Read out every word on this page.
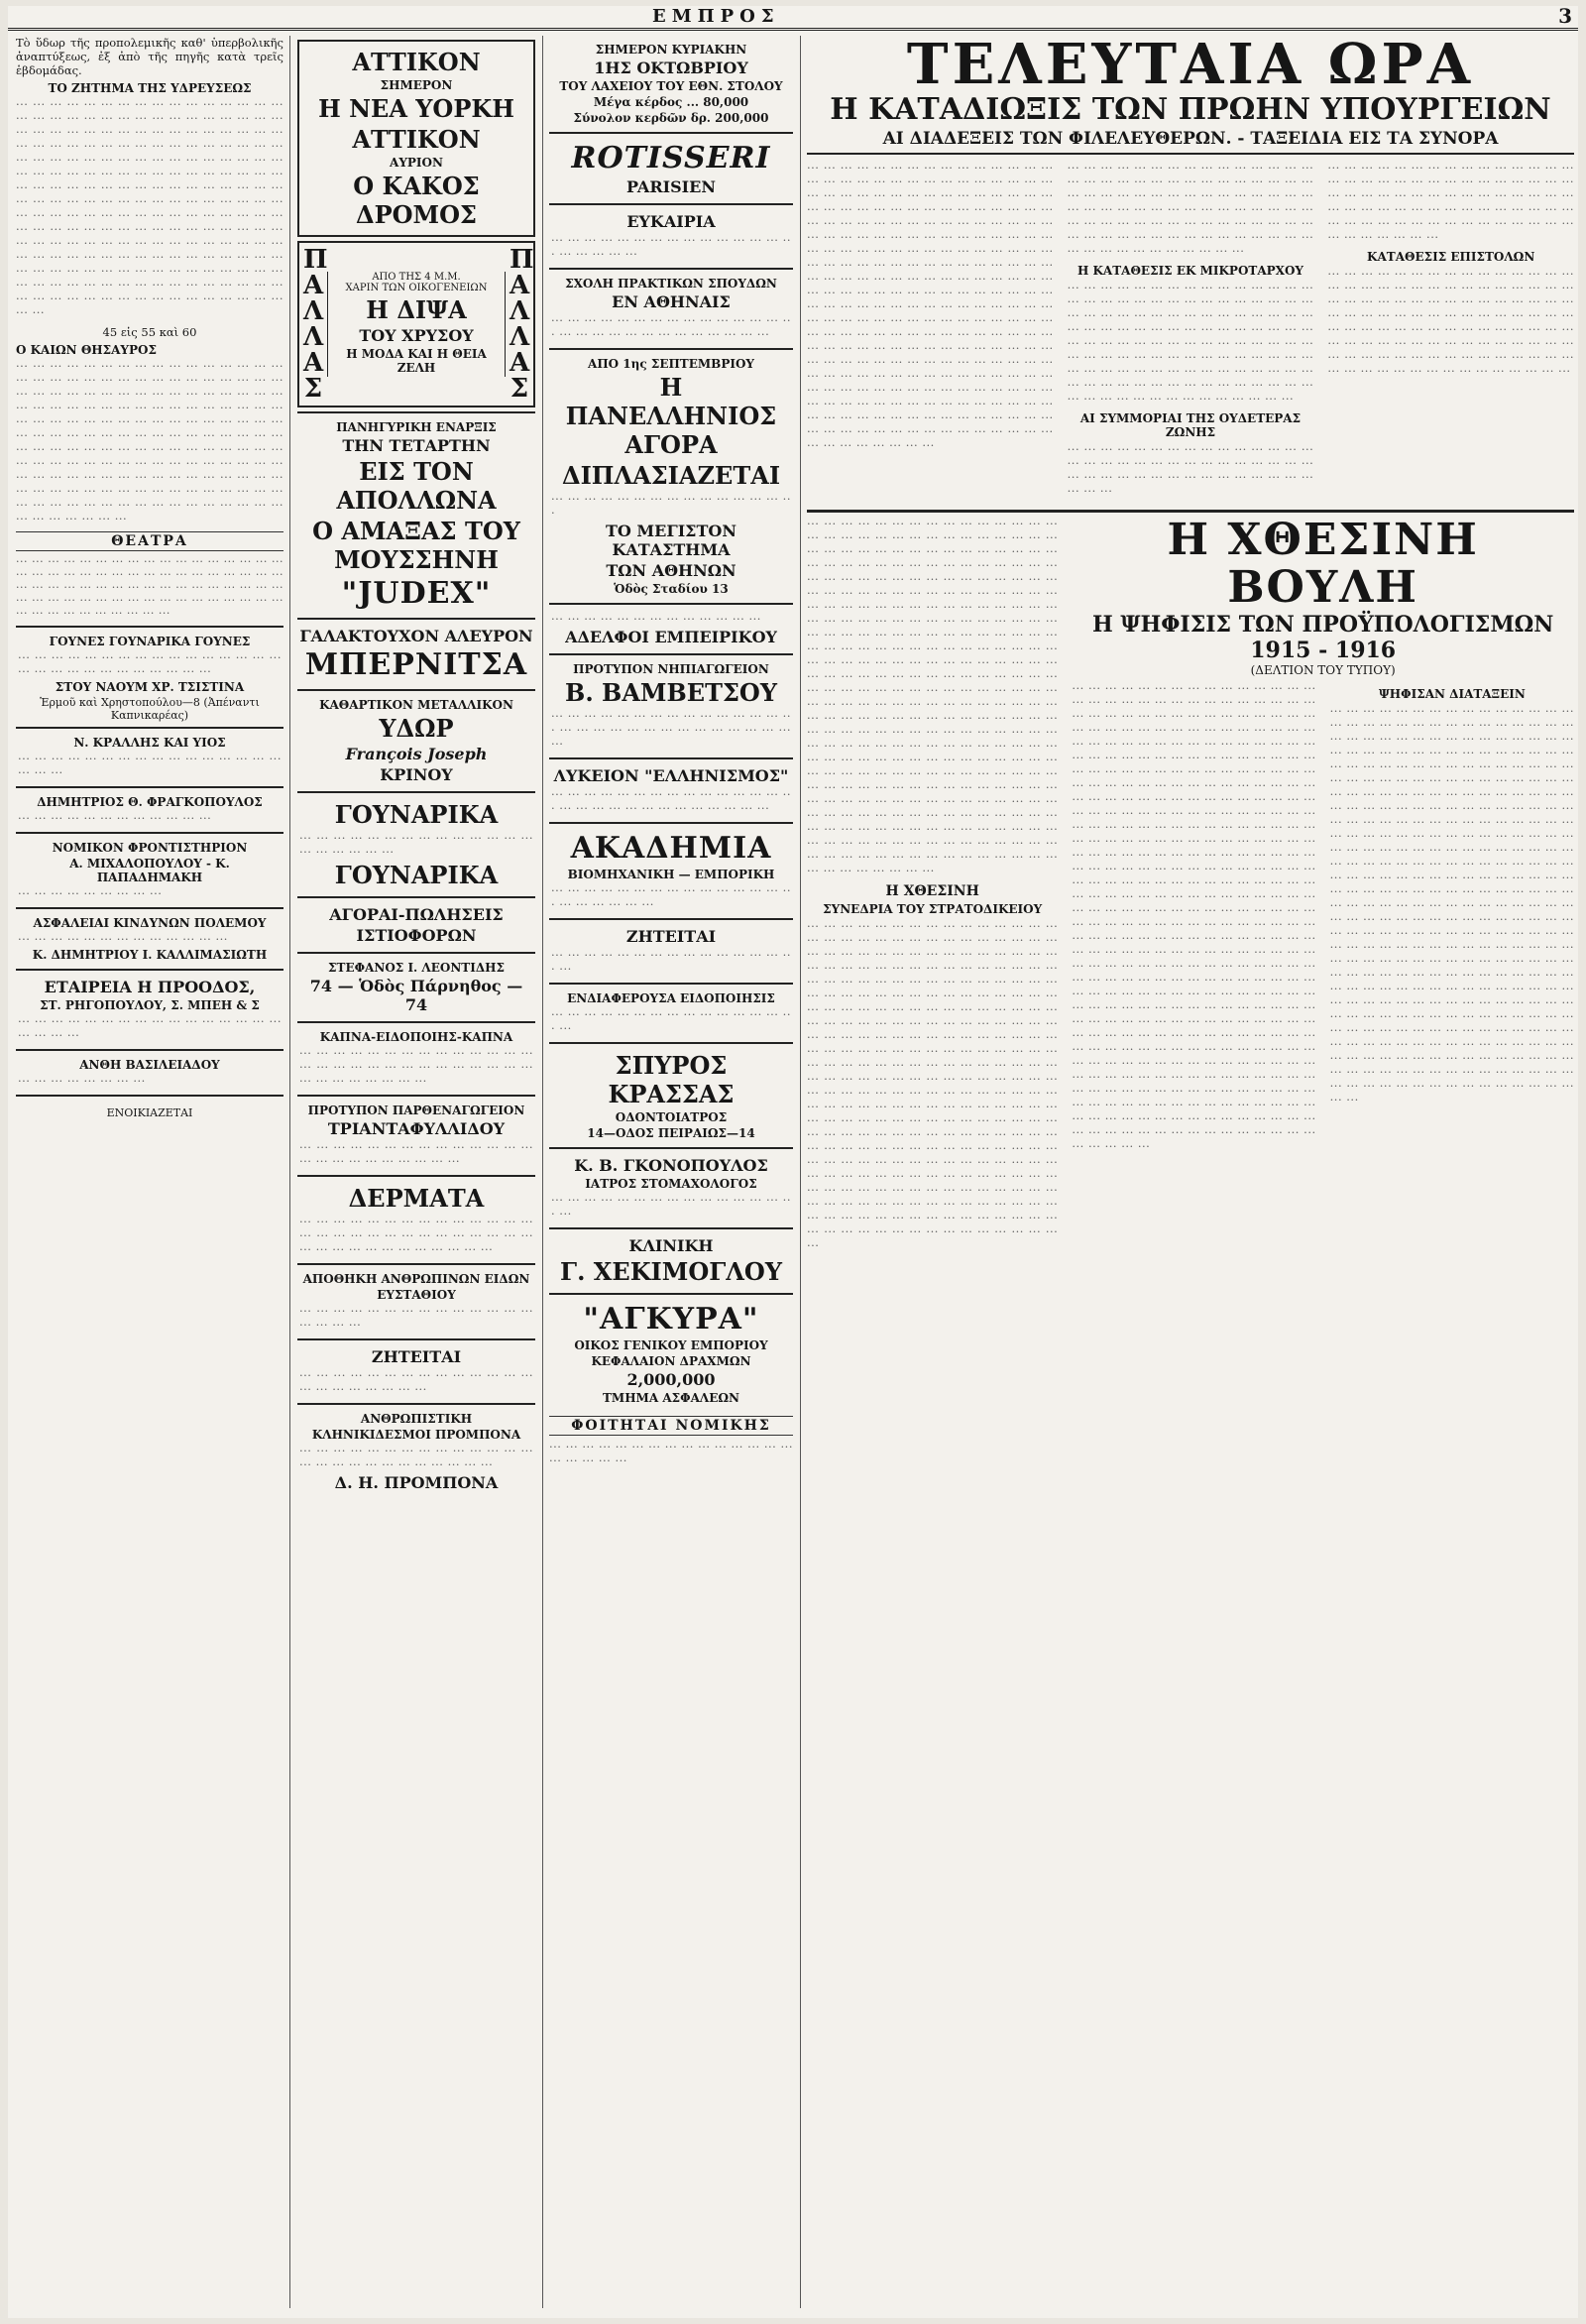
ΕΜΠΡΟΣ	3

Τὸ ὕδωρ τῆς προπολεμικῆς καθ' ὑπερβολικῆς ἀναπτύξεως, ἐξ ἀπὸ τῆς πηγῆς κατὰ τρεῖς ἑβδομάδας.

ΤΟ ΖΗΤΗΜΑ ΤΗΣ ΥΔΡΕΥΣΕΩΣ

··· ··· ··· ··· ··· ··· ··· ··· ··· ··· ··· ··· ··· ··· ··· ··· ··· ··· ··· ··· ··· ··· ··· ··· ··· ··· ··· ··· ··· ··· ··· ··· ··· ··· ··· ··· ··· ··· ··· ··· ··· ··· ··· ··· ··· ··· ··· ··· ··· ··· ··· ··· ··· ··· ··· ··· ··· ··· ··· ··· ··· ··· ··· ··· ··· ··· ··· ··· ··· ··· ··· ··· ··· ··· ··· ··· ··· ··· ··· ··· ··· ··· ··· ··· ··· ··· ··· ··· ··· ··· ··· ··· ··· ··· ··· ··· ··· ··· ··· ··· ··· ··· ··· ··· ··· ··· ··· ··· ··· ··· ··· ··· ··· ··· ··· ··· ··· ··· ··· ··· ··· ··· ··· ··· ··· ··· ··· ··· ··· ··· ··· ··· ··· ··· ··· ··· ··· ··· ··· ··· ··· ··· ··· ··· ··· ··· ··· ··· ··· ··· ··· ··· ··· ··· ··· ··· ··· ··· ··· ··· ··· ··· ··· ··· ··· ··· ··· ··· ··· ··· ··· ··· ··· ··· ··· ··· ··· ··· ··· ··· ··· ··· ··· ··· ··· ··· ··· ··· ··· ··· ··· ··· ··· ··· ··· ··· ··· ··· ··· ··· ··· ··· ··· ··· ··· ··· ··· ··· ··· ··· ··· ··· ··· ··· ··· ··· ··· ··· ··· ··· ··· ··· ··· ··· ··· ··· ··· ··· ··· ··· ··· ··· ··· ··· ··· ··· ··· ··· ··· ··· ··· ···

45 εἰς 55 καὶ 60
Ο ΚΑΙΩΝ ΘΗΣΑΥΡΟΣ

··· ··· ··· ··· ··· ··· ··· ··· ··· ··· ··· ··· ··· ··· ··· ··· ··· ··· ··· ··· ··· ··· ··· ··· ··· ··· ··· ··· ··· ··· ··· ··· ··· ··· ··· ··· ··· ··· ··· ··· ··· ··· ··· ··· ··· ··· ··· ··· ··· ··· ··· ··· ··· ··· ··· ··· ··· ··· ··· ··· ··· ··· ··· ··· ··· ··· ··· ··· ··· ··· ··· ··· ··· ··· ··· ··· ··· ··· ··· ··· ··· ··· ··· ··· ··· ··· ··· ··· ··· ··· ··· ··· ··· ··· ··· ··· ··· ··· ··· ··· ··· ··· ··· ··· ··· ··· ··· ··· ··· ··· ··· ··· ··· ··· ··· ··· ··· ··· ··· ··· ··· ··· ··· ··· ··· ··· ··· ··· ··· ··· ··· ··· ··· ··· ··· ··· ··· ··· ··· ··· ··· ··· ··· ··· ··· ··· ··· ··· ··· ··· ··· ··· ··· ··· ··· ··· ··· ··· ··· ··· ··· ··· ··· ··· ··· ··· ··· ··· ··· ··· ··· ··· ··· ··· ··· ··· ··· ··· ··· ··· ··· ··· ···

ΘΕΑΤΡΑ

··· ··· ··· ··· ··· ··· ··· ··· ··· ··· ··· ··· ··· ··· ··· ··· ··· ··· ··· ··· ··· ··· ··· ··· ··· ··· ··· ··· ··· ··· ··· ··· ··· ··· ··· ··· ··· ··· ··· ··· ··· ··· ··· ··· ··· ··· ··· ··· ··· ··· ··· ··· ··· ··· ··· ··· ··· ··· ··· ··· ··· ··· ··· ··· ··· ··· ··· ··· ··· ··· ··· ··· ··· ··· ··· ··· ··· ···

ΓΟΥΝΕΣ ΓΟΥΝΑΡΙΚΑ ΓΟΥΝΕΣ

··· ··· ··· ··· ··· ··· ··· ··· ··· ··· ··· ··· ··· ··· ··· ··· ··· ··· ··· ··· ··· ··· ··· ··· ··· ··· ··· ···

ΣΤΟΥ ΝΑΟΥΜ ΧΡ. ΤΣΙΣΤΙΝΑ
Ἑρμοῦ καὶ Χρηστοπούλου—8 (Ἀπέναντι Καπνικαρέας)
Ν. ΚΡΑΛΛΗΣ ΚΑΙ ΥΙΟΣ

··· ··· ··· ··· ··· ··· ··· ··· ··· ··· ··· ··· ··· ··· ··· ··· ··· ··· ···

ΔΗΜΗΤΡΙΟΣ Θ. ΦΡΑΓΚΟΠΟΥΛΟΣ

··· ··· ··· ··· ··· ··· ··· ··· ··· ··· ··· ···

ΝΟΜΙΚΟΝ ΦΡΟΝΤΙΣΤΗΡΙΟΝ
Α. ΜΙΧΑΛΟΠΟΥΛΟΥ - Κ. ΠΑΠΑΔΗΜΑΚΗ

··· ··· ··· ··· ··· ··· ··· ··· ···

ΑΣΦΑΛΕΙΑΙ ΚΙΝΔΥΝΩΝ ΠΟΛΕΜΟΥ

··· ··· ··· ··· ··· ··· ··· ··· ··· ··· ··· ··· ···

Κ. ΔΗΜΗΤΡΙΟΥ Ι. ΚΑΛΛΙΜΑΣΙΩΤΗ
ΕΤΑΙΡΕΙΑ Η ΠΡΟΟΔΟΣ,
ΣΤ. ΡΗΓΟΠΟΥΛΟΥ, Σ. ΜΠΕΗ & Σ

··· ··· ··· ··· ··· ··· ··· ··· ··· ··· ··· ··· ··· ··· ··· ··· ··· ··· ··· ···

ΑΝΘΗ ΒΑΣΙΛΕΙΑΔΟΥ

··· ··· ··· ··· ··· ··· ··· ···

ΕΝΟΙΚΙΑΖΕΤΑΙ
ΑΤΤΙΚΟΝ
ΣΗΜΕΡΟΝ
Η ΝΕΑ ΥΟΡΚΗ
ΑΤΤΙΚΟΝ
ΑΥΡΙΟΝ
Ο ΚΑΚΟΣ ΔΡΟΜΟΣ
Π Α Λ Λ Α Σ
ΑΠΟ ΤΗΣ 4 Μ.Μ.
ΧΑΡΙΝ ΤΩΝ ΟΙΚΟΓΕΝΕΙΩΝ
Η ΔΙΨΑ
ΤΟΥ ΧΡΥΣΟΥ
Η ΜΟΔΑ ΚΑΙ Η ΘΕΙΑ ΖΕΛΗ
Π Α Λ Λ Α Σ
ΠΑΝΗΓΥΡΙΚΗ ΕΝΑΡΞΙΣ
ΤΗΝ ΤΕΤΑΡΤΗΝ
ΕΙΣ ΤΟΝ ΑΠΟΛΛΩΝΑ
Ο ΑΜΑΞΑΣ ΤΟΥ ΜΟΥΣΣΗΝΗ
"JUDEX"
ΓΑΛΑΚΤΟΥΧΟΝ ΑΛΕΥΡΟΝ
ΜΠΕΡΝΙΤΣΑ
ΚΑΘΑΡΤΙΚΟΝ ΜΕΤΑΛΛΙΚΟΝ
ΥΔΩΡ
François Joseph
ΚΡΙΝΟΥ
ΓΟΥΝΑΡΙΚΑ

··· ··· ··· ··· ··· ··· ··· ··· ··· ··· ··· ··· ··· ··· ··· ··· ··· ··· ··· ···

ΓΟΥΝΑΡΙΚΑ
ΑΓΟΡΑΙ-ΠΩΛΗΣΕΙΣ
ΙΣΤΙΟΦΟΡΩΝ
ΣΤΕΦΑΝΟΣ Ι. ΛΕΟΝΤΙΔΗΣ
74 — Ὁδὸς Πάρνηθος — 74
ΚΑΠΝΑ-ΕΙΔΟΠΟΙΗΣ-ΚΑΠΝΑ

··· ··· ··· ··· ··· ··· ··· ··· ··· ··· ··· ··· ··· ··· ··· ··· ··· ··· ··· ··· ··· ··· ··· ··· ··· ··· ··· ··· ··· ··· ··· ··· ··· ··· ··· ···

ΠΡΟΤΥΠΟΝ ΠΑΡΘΕΝΑΓΩΓΕΙΟΝ
ΤΡΙΑΝΤΑΦΥΛΛΙΔΟΥ

··· ··· ··· ··· ··· ··· ··· ··· ··· ··· ··· ··· ··· ··· ··· ··· ··· ··· ··· ··· ··· ··· ··· ···

ΔΕΡΜΑΤΑ

··· ··· ··· ··· ··· ··· ··· ··· ··· ··· ··· ··· ··· ··· ··· ··· ··· ··· ··· ··· ··· ··· ··· ··· ··· ··· ··· ··· ··· ··· ··· ··· ··· ··· ··· ··· ··· ··· ··· ···

ΑΠΟΘΗΚΗ ΑΝΘΡΩΠΙΝΩΝ ΕΙΔΩΝ
ΕΥΣΤΑΘΙΟΥ

··· ··· ··· ··· ··· ··· ··· ··· ··· ··· ··· ··· ··· ··· ··· ··· ··· ···

ΖΗΤΕΙΤΑΙ

··· ··· ··· ··· ··· ··· ··· ··· ··· ··· ··· ··· ··· ··· ··· ··· ··· ··· ··· ··· ··· ···

ΑΝΘΡΩΠΙΣΤΙΚΗ
ΚΛΗΝΙΚΙΔΕΣΜΟΙ ΠΡΟΜΠΟΝΑ

··· ··· ··· ··· ··· ··· ··· ··· ··· ··· ··· ··· ··· ··· ··· ··· ··· ··· ··· ··· ··· ··· ··· ··· ··· ···

Δ. Η. ΠΡΟΜΠΟΝΑ
ΣΗΜΕΡΟΝ ΚΥΡΙΑΚΗΝ
1ΗΣ ΟΚΤΩΒΡΙΟΥ
ΤΟΥ ΛΑΧΕΙΟΥ ΤΟΥ ΕΘΝ. ΣΤΟΛΟΥ
Μέγα κέρδος ... 80,000
Σύνολον κερδῶν δρ. 200,000
ROTISSERI
PARISIEN
ΕΥΚΑΙΡΙΑ

··· ··· ··· ··· ··· ··· ··· ··· ··· ··· ··· ··· ··· ··· ··· ··· ··· ··· ··· ···

ΣΧΟΛΗ ΠΡΑΚΤΙΚΩΝ ΣΠΟΥΔΩΝ
ΕΝ ΑΘΗΝΑΙΣ

··· ··· ··· ··· ··· ··· ··· ··· ··· ··· ··· ··· ··· ··· ··· ··· ··· ··· ··· ··· ··· ··· ··· ··· ··· ··· ··· ···

ΑΠΟ 1ης ΣΕΠΤΕΜΒΡΙΟΥ
Η ΠΑΝΕΛΛΗΝΙΟΣ ΑΓΟΡΑ
ΔΙΠΛΑΣΙΑΖΕΤΑΙ

··· ··· ··· ··· ··· ··· ··· ··· ··· ··· ··· ··· ··· ··· ···

ΤΟ ΜΕΓΙΣΤΟΝ ΚΑΤΑΣΤΗΜΑ
ΤΩΝ ΑΘΗΝΩΝ
Ὁδὸς Σταδίου 13

··· ··· ··· ··· ··· ··· ··· ··· ··· ··· ··· ··· ···

ΑΔΕΛΦΟΙ ΕΜΠΕΙΡΙΚΟΥ
ΠΡΟΤΥΠΟΝ ΝΗΠΙΑΓΩΓΕΙΟΝ
Β. ΒΑΜΒΕΤΣΟΥ

··· ··· ··· ··· ··· ··· ··· ··· ··· ··· ··· ··· ··· ··· ··· ··· ··· ··· ··· ··· ··· ··· ··· ··· ··· ··· ··· ··· ··· ···

ΛΥΚΕΙΟΝ "ΕΛΛΗΝΙΣΜΟΣ"

··· ··· ··· ··· ··· ··· ··· ··· ··· ··· ··· ··· ··· ··· ··· ··· ··· ··· ··· ··· ··· ··· ··· ··· ··· ··· ··· ···

ΑΚΑΔΗΜΙΑ
ΒΙΟΜΗΧΑΝΙΚΗ — ΕΜΠΟΡΙΚΗ

··· ··· ··· ··· ··· ··· ··· ··· ··· ··· ··· ··· ··· ··· ··· ··· ··· ··· ··· ··· ···

ΖΗΤΕΙΤΑΙ

··· ··· ··· ··· ··· ··· ··· ··· ··· ··· ··· ··· ··· ··· ··· ···

ΕΝΔΙΑΦΕΡΟΥΣΑ ΕΙΔΟΠΟΙΗΣΙΣ

··· ··· ··· ··· ··· ··· ··· ··· ··· ··· ··· ··· ··· ··· ··· ···

ΣΠΥΡΟΣ ΚΡΑΣΣΑΣ
ΟΔΟΝΤΟΙΑΤΡΟΣ
14—ΟΔΟΣ ΠΕΙΡΑΙΩΣ—14
Κ. Β. ΓΚΟΝΟΠΟΥΛΟΣ
ΙΑΤΡΟΣ ΣΤΟΜΑΧΟΛΟΓΟΣ

··· ··· ··· ··· ··· ··· ··· ··· ··· ··· ··· ··· ··· ··· ··· ···

ΚΛΙΝΙΚΗ
Γ. ΧΕΚΙΜΟΓΛΟΥ
"ΑΓΚΥΡΑ"
ΟΙΚΟΣ ΓΕΝΙΚΟΥ ΕΜΠΟΡΙΟΥ
ΚΕΦΑΛΑΙΟΝ ΔΡΑΧΜΩΝ
2,000,000
ΤΜΗΜΑ ΑΣΦΑΛΕΩΝ
ΦΟΙΤΗΤΑΙ ΝΟΜΙΚΗΣ

··· ··· ··· ··· ··· ··· ··· ··· ··· ··· ··· ··· ··· ··· ··· ··· ··· ··· ··· ···

ΤΕΛΕΥΤΑΙΑ ΩΡΑ
Η ΚΑΤΑΔΙΩΞΙΣ ΤΩΝ ΠΡΩΗΝ ΥΠΟΥΡΓΕΙΩΝ
ΑΙ ΔΙΑΔΕΞΕΙΣ ΤΩΝ ΦΙΛΕΛΕΥΘΕΡΩΝ. - ΤΑΞΕΙΔΙΑ ΕΙΣ ΤΑ ΣΥΝΟΡΑ

··· ··· ··· ··· ··· ··· ··· ··· ··· ··· ··· ··· ··· ··· ··· ··· ··· ··· ··· ··· ··· ··· ··· ··· ··· ··· ··· ··· ··· ··· ··· ··· ··· ··· ··· ··· ··· ··· ··· ··· ··· ··· ··· ··· ··· ··· ··· ··· ··· ··· ··· ··· ··· ··· ··· ··· ··· ··· ··· ··· ··· ··· ··· ··· ··· ··· ··· ··· ··· ··· ··· ··· ··· ··· ··· ··· ··· ··· ··· ··· ··· ··· ··· ··· ··· ··· ··· ··· ··· ··· ··· ··· ··· ··· ··· ··· ··· ··· ··· ··· ··· ··· ··· ··· ··· ··· ··· ··· ··· ··· ··· ··· ··· ··· ··· ··· ··· ··· ··· ··· ··· ··· ··· ··· ··· ··· ··· ··· ··· ··· ··· ··· ··· ··· ··· ··· ··· ··· ··· ··· ··· ··· ··· ··· ··· ··· ··· ··· ··· ··· ··· ··· ··· ··· ··· ··· ··· ··· ··· ··· ··· ··· ··· ··· ··· ··· ··· ··· ··· ··· ··· ··· ··· ··· ··· ··· ··· ··· ··· ··· ··· ··· ··· ··· ··· ··· ··· ··· ··· ··· ··· ··· ··· ··· ··· ··· ··· ··· ··· ··· ··· ··· ··· ··· ··· ··· ··· ··· ··· ··· ··· ··· ··· ··· ··· ··· ··· ··· ··· ··· ··· ··· ··· ··· ··· ··· ··· ··· ··· ··· ··· ··· ··· ··· ··· ··· ··· ··· ··· ··· ··· ··· ··· ··· ··· ··· ··· ··· ··· ··· ··· ··· ··· ··· ··· ··· ··· ··· ··· ··· ··· ··· ··· ··· ··· ··· ··· ··· ··· ··· ··· ··· ··· ··· ··· ··· ··· ··· ··· ··· ··· ··· ··· ··· ··· ··· ··· ··· ··· ··· ··· ··· ··· ··· ··· ··· ··· ··· ··· ··· ··· ··· ··· ··· ··· ··· ··· ···

··· ··· ··· ··· ··· ··· ··· ··· ··· ··· ··· ··· ··· ··· ··· ··· ··· ··· ··· ··· ··· ··· ··· ··· ··· ··· ··· ··· ··· ··· ··· ··· ··· ··· ··· ··· ··· ··· ··· ··· ··· ··· ··· ··· ··· ··· ··· ··· ··· ··· ··· ··· ··· ··· ··· ··· ··· ··· ··· ··· ··· ··· ··· ··· ··· ··· ··· ··· ··· ··· ··· ··· ··· ··· ··· ··· ··· ··· ··· ··· ··· ··· ··· ··· ··· ··· ··· ··· ··· ··· ··· ··· ··· ··· ··· ··· ··· ··· ··· ··· ···

Η ΚΑΤΑΘΕΣΙΣ ΕΚ ΜΙΚΡΟΤΑΡΧΟΥ

··· ··· ··· ··· ··· ··· ··· ··· ··· ··· ··· ··· ··· ··· ··· ··· ··· ··· ··· ··· ··· ··· ··· ··· ··· ··· ··· ··· ··· ··· ··· ··· ··· ··· ··· ··· ··· ··· ··· ··· ··· ··· ··· ··· ··· ··· ··· ··· ··· ··· ··· ··· ··· ··· ··· ··· ··· ··· ··· ··· ··· ··· ··· ··· ··· ··· ··· ··· ··· ··· ··· ··· ··· ··· ··· ··· ··· ··· ··· ··· ··· ··· ··· ··· ··· ··· ··· ··· ··· ··· ··· ··· ··· ··· ··· ··· ··· ··· ··· ··· ··· ··· ··· ··· ··· ··· ··· ··· ··· ··· ··· ··· ··· ··· ··· ··· ··· ··· ··· ··· ··· ··· ··· ··· ··· ··· ··· ··· ··· ··· ··· ··· ··· ···

ΑΙ ΣΥΜΜΟΡΙΑΙ ΤΗΣ ΟΥΔΕΤΕΡΑΣ ΖΩΝΗΣ

··· ··· ··· ··· ··· ··· ··· ··· ··· ··· ··· ··· ··· ··· ··· ··· ··· ··· ··· ··· ··· ··· ··· ··· ··· ··· ··· ··· ··· ··· ··· ··· ··· ··· ··· ··· ··· ··· ··· ··· ··· ··· ··· ··· ··· ··· ··· ···

··· ··· ··· ··· ··· ··· ··· ··· ··· ··· ··· ··· ··· ··· ··· ··· ··· ··· ··· ··· ··· ··· ··· ··· ··· ··· ··· ··· ··· ··· ··· ··· ··· ··· ··· ··· ··· ··· ··· ··· ··· ··· ··· ··· ··· ··· ··· ··· ··· ··· ··· ··· ··· ··· ··· ··· ··· ··· ··· ··· ··· ··· ··· ··· ··· ··· ··· ··· ··· ··· ··· ··· ··· ··· ··· ··· ··· ··· ··· ··· ··· ···

ΚΑΤΑΘΕΣΙΣ ΕΠΙΣΤΟΛΩΝ

··· ··· ··· ··· ··· ··· ··· ··· ··· ··· ··· ··· ··· ··· ··· ··· ··· ··· ··· ··· ··· ··· ··· ··· ··· ··· ··· ··· ··· ··· ··· ··· ··· ··· ··· ··· ··· ··· ··· ··· ··· ··· ··· ··· ··· ··· ··· ··· ··· ··· ··· ··· ··· ··· ··· ··· ··· ··· ··· ··· ··· ··· ··· ··· ··· ··· ··· ··· ··· ··· ··· ··· ··· ··· ··· ··· ··· ··· ··· ··· ··· ··· ··· ··· ··· ··· ··· ··· ··· ··· ··· ··· ··· ··· ··· ··· ··· ··· ··· ··· ··· ··· ··· ··· ··· ··· ··· ··· ··· ··· ··· ··· ··· ··· ··· ··· ··· ··· ··· ···

··· ··· ··· ··· ··· ··· ··· ··· ··· ··· ··· ··· ··· ··· ··· ··· ··· ··· ··· ··· ··· ··· ··· ··· ··· ··· ··· ··· ··· ··· ··· ··· ··· ··· ··· ··· ··· ··· ··· ··· ··· ··· ··· ··· ··· ··· ··· ··· ··· ··· ··· ··· ··· ··· ··· ··· ··· ··· ··· ··· ··· ··· ··· ··· ··· ··· ··· ··· ··· ··· ··· ··· ··· ··· ··· ··· ··· ··· ··· ··· ··· ··· ··· ··· ··· ··· ··· ··· ··· ··· ··· ··· ··· ··· ··· ··· ··· ··· ··· ··· ··· ··· ··· ··· ··· ··· ··· ··· ··· ··· ··· ··· ··· ··· ··· ··· ··· ··· ··· ··· ··· ··· ··· ··· ··· ··· ··· ··· ··· ··· ··· ··· ··· ··· ··· ··· ··· ··· ··· ··· ··· ··· ··· ··· ··· ··· ··· ··· ··· ··· ··· ··· ··· ··· ··· ··· ··· ··· ··· ··· ··· ··· ··· ··· ··· ··· ··· ··· ··· ··· ··· ··· ··· ··· ··· ··· ··· ··· ··· ··· ··· ··· ··· ··· ··· ··· ··· ··· ··· ··· ··· ··· ··· ··· ··· ··· ··· ··· ··· ··· ··· ··· ··· ··· ··· ··· ··· ··· ··· ··· ··· ··· ··· ··· ··· ··· ··· ··· ··· ··· ··· ··· ··· ··· ··· ··· ··· ··· ··· ··· ··· ··· ··· ··· ··· ··· ··· ··· ··· ··· ··· ··· ··· ··· ··· ··· ··· ··· ··· ··· ··· ··· ··· ··· ··· ··· ··· ··· ··· ··· ··· ··· ··· ··· ··· ··· ··· ··· ··· ··· ··· ··· ··· ··· ··· ··· ··· ··· ··· ··· ··· ··· ··· ··· ··· ··· ··· ··· ··· ··· ··· ··· ··· ··· ··· ··· ··· ··· ··· ··· ··· ··· ··· ··· ··· ··· ··· ··· ··· ··· ··· ··· ··· ··· ··· ··· ··· ··· ··· ··· ··· ··· ··· ··· ··· ··· ··· ··· ··· ··· ··· ··· ··· ··· ··· ··· ··· ··· ··· ··· ··· ··· ··· ··· ··· ··· ··· ··· ··· ··· ··· ··· ··· ··· ··· ··· ··· ··· ··· ··· ··· ··· ··· ··· ··· ··· ··· ··· ··· ··· ··· ··· ··· ··· ··· ··· ··· ··· ··· ··· ··· ··· ···

Η ΧΘΕΣΙΝΗ
ΣΥΝΕΔΡΙΑ ΤΟΥ ΣΤΡΑΤΟΔΙΚΕΙΟΥ

··· ··· ··· ··· ··· ··· ··· ··· ··· ··· ··· ··· ··· ··· ··· ··· ··· ··· ··· ··· ··· ··· ··· ··· ··· ··· ··· ··· ··· ··· ··· ··· ··· ··· ··· ··· ··· ··· ··· ··· ··· ··· ··· ··· ··· ··· ··· ··· ··· ··· ··· ··· ··· ··· ··· ··· ··· ··· ··· ··· ··· ··· ··· ··· ··· ··· ··· ··· ··· ··· ··· ··· ··· ··· ··· ··· ··· ··· ··· ··· ··· ··· ··· ··· ··· ··· ··· ··· ··· ··· ··· ··· ··· ··· ··· ··· ··· ··· ··· ··· ··· ··· ··· ··· ··· ··· ··· ··· ··· ··· ··· ··· ··· ··· ··· ··· ··· ··· ··· ··· ··· ··· ··· ··· ··· ··· ··· ··· ··· ··· ··· ··· ··· ··· ··· ··· ··· ··· ··· ··· ··· ··· ··· ··· ··· ··· ··· ··· ··· ··· ··· ··· ··· ··· ··· ··· ··· ··· ··· ··· ··· ··· ··· ··· ··· ··· ··· ··· ··· ··· ··· ··· ··· ··· ··· ··· ··· ··· ··· ··· ··· ··· ··· ··· ··· ··· ··· ··· ··· ··· ··· ··· ··· ··· ··· ··· ··· ··· ··· ··· ··· ··· ··· ··· ··· ··· ··· ··· ··· ··· ··· ··· ··· ··· ··· ··· ··· ··· ··· ··· ··· ··· ··· ··· ··· ··· ··· ··· ··· ··· ··· ··· ··· ··· ··· ··· ··· ··· ··· ··· ··· ··· ··· ··· ··· ··· ··· ··· ··· ··· ··· ··· ··· ··· ··· ··· ··· ··· ··· ··· ··· ··· ··· ··· ··· ··· ··· ··· ··· ··· ··· ··· ··· ··· ··· ··· ··· ··· ··· ··· ··· ··· ··· ··· ··· ··· ··· ··· ··· ··· ··· ··· ··· ··· ··· ··· ··· ··· ··· ··· ··· ··· ··· ··· ··· ··· ··· ··· ··· ··· ··· ··· ··· ··· ··· ··· ··· ··· ··· ··· ··· ··· ··· ··· ··· ··· ··· ··· ··· ··· ··· ··· ··· ··· ··· ··· ··· ··· ··· ··· ··· ··· ··· ··· ··· ···

Η ΧΘΕΣΙΝΗ ΒΟΥΛΗ
Η ΨΗΦΙΣΙΣ ΤΩΝ ΠΡΟΫΠΟΛΟΓΙΣΜΩΝ 1915 - 1916
(ΔΕΛΤΙΟΝ ΤΟΥ ΤΥΠΟΥ)

··· ··· ··· ··· ··· ··· ··· ··· ··· ··· ··· ··· ··· ··· ··· ··· ··· ··· ··· ··· ··· ··· ··· ··· ··· ··· ··· ··· ··· ··· ··· ··· ··· ··· ··· ··· ··· ··· ··· ··· ··· ··· ··· ··· ··· ··· ··· ··· ··· ··· ··· ··· ··· ··· ··· ··· ··· ··· ··· ··· ··· ··· ··· ··· ··· ··· ··· ··· ··· ··· ··· ··· ··· ··· ··· ··· ··· ··· ··· ··· ··· ··· ··· ··· ··· ··· ··· ··· ··· ··· ··· ··· ··· ··· ··· ··· ··· ··· ··· ··· ··· ··· ··· ··· ··· ··· ··· ··· ··· ··· ··· ··· ··· ··· ··· ··· ··· ··· ··· ··· ··· ··· ··· ··· ··· ··· ··· ··· ··· ··· ··· ··· ··· ··· ··· ··· ··· ··· ··· ··· ··· ··· ··· ··· ··· ··· ··· ··· ··· ··· ··· ··· ··· ··· ··· ··· ··· ··· ··· ··· ··· ··· ··· ··· ··· ··· ··· ··· ··· ··· ··· ··· ··· ··· ··· ··· ··· ··· ··· ··· ··· ··· ··· ··· ··· ··· ··· ··· ··· ··· ··· ··· ··· ··· ··· ··· ··· ··· ··· ··· ··· ··· ··· ··· ··· ··· ··· ··· ··· ··· ··· ··· ··· ··· ··· ··· ··· ··· ··· ··· ··· ··· ··· ··· ··· ··· ··· ··· ··· ··· ··· ··· ··· ··· ··· ··· ··· ··· ··· ··· ··· ··· ··· ··· ··· ··· ··· ··· ··· ··· ··· ··· ··· ··· ··· ··· ··· ··· ··· ··· ··· ··· ··· ··· ··· ··· ··· ··· ··· ··· ··· ··· ··· ··· ··· ··· ··· ··· ··· ··· ··· ··· ··· ··· ··· ··· ··· ··· ··· ··· ··· ··· ··· ··· ··· ··· ··· ··· ··· ··· ··· ··· ··· ··· ··· ··· ··· ··· ··· ··· ··· ··· ··· ··· ··· ··· ··· ··· ··· ··· ··· ··· ··· ··· ··· ··· ··· ··· ··· ··· ··· ··· ··· ··· ··· ··· ··· ··· ··· ··· ··· ··· ··· ··· ··· ··· ··· ··· ··· ··· ··· ··· ··· ··· ··· ··· ··· ··· ··· ··· ··· ··· ··· ··· ··· ··· ··· ··· ··· ··· ··· ··· ··· ··· ··· ··· ··· ··· ··· ··· ··· ··· ··· ··· ··· ··· ··· ··· ··· ··· ··· ··· ··· ··· ··· ··· ··· ··· ··· ··· ··· ··· ··· ··· ··· ··· ··· ··· ··· ··· ··· ··· ··· ··· ··· ··· ··· ··· ··· ··· ··· ··· ··· ··· ··· ··· ··· ··· ··· ··· ··· ··· ··· ··· ··· ··· ··· ··· ··· ··· ··· ··· ··· ··· ··· ··· ··· ··· ··· ··· ··· ··· ··· ··· ··· ··· ··· ··· ··· ··· ··· ··· ··· ··· ··· ··· ··· ··· ··· ··· ··· ··· ··· ··· ··· ··· ··· ··· ··· ··· ··· ··· ··· ··· ··· ··· ··· ··· ··· ··· ··· ··· ··· ··· ··· ··· ··· ··· ··· ···

ΨΗΦΙΣΑΝ ΔΙΑΤΑΞΕΙΝ

··· ··· ··· ··· ··· ··· ··· ··· ··· ··· ··· ··· ··· ··· ··· ··· ··· ··· ··· ··· ··· ··· ··· ··· ··· ··· ··· ··· ··· ··· ··· ··· ··· ··· ··· ··· ··· ··· ··· ··· ··· ··· ··· ··· ··· ··· ··· ··· ··· ··· ··· ··· ··· ··· ··· ··· ··· ··· ··· ··· ··· ··· ··· ··· ··· ··· ··· ··· ··· ··· ··· ··· ··· ··· ··· ··· ··· ··· ··· ··· ··· ··· ··· ··· ··· ··· ··· ··· ··· ··· ··· ··· ··· ··· ··· ··· ··· ··· ··· ··· ··· ··· ··· ··· ··· ··· ··· ··· ··· ··· ··· ··· ··· ··· ··· ··· ··· ··· ··· ··· ··· ··· ··· ··· ··· ··· ··· ··· ··· ··· ··· ··· ··· ··· ··· ··· ··· ··· ··· ··· ··· ··· ··· ··· ··· ··· ··· ··· ··· ··· ··· ··· ··· ··· ··· ··· ··· ··· ··· ··· ··· ··· ··· ··· ··· ··· ··· ··· ··· ··· ··· ··· ··· ··· ··· ··· ··· ··· ··· ··· ··· ··· ··· ··· ··· ··· ··· ··· ··· ··· ··· ··· ··· ··· ··· ··· ··· ··· ··· ··· ··· ··· ··· ··· ··· ··· ··· ··· ··· ··· ··· ··· ··· ··· ··· ··· ··· ··· ··· ··· ··· ··· ··· ··· ··· ··· ··· ··· ··· ··· ··· ··· ··· ··· ··· ··· ··· ··· ··· ··· ··· ··· ··· ··· ··· ··· ··· ··· ··· ··· ··· ··· ··· ··· ··· ··· ··· ··· ··· ··· ··· ··· ··· ··· ··· ··· ··· ··· ··· ··· ··· ··· ··· ··· ··· ··· ··· ··· ··· ··· ··· ··· ··· ··· ··· ··· ··· ··· ··· ··· ··· ··· ··· ··· ··· ··· ··· ··· ··· ··· ··· ··· ··· ··· ··· ··· ··· ··· ··· ··· ··· ··· ··· ··· ··· ··· ··· ··· ··· ··· ··· ··· ··· ··· ··· ··· ··· ··· ··· ··· ··· ··· ··· ··· ··· ··· ··· ··· ··· ··· ··· ··· ··· ··· ··· ··· ··· ··· ··· ··· ··· ··· ··· ··· ··· ··· ··· ··· ··· ··· ··· ··· ··· ··· ··· ··· ··· ··· ··· ··· ··· ··· ··· ··· ··· ··· ··· ··· ··· ··· ··· ··· ··· ··· ··· ··· ··· ··· ··· ··· ··· ··· ··· ··· ··· ··· ··· ··· ··· ··· ··· ··· ··· ··· ··· ··· ··· ··· ··· ··· ··· ··· ··· ··· ··· ··· ··· ··· ··· ··· ··· ···
